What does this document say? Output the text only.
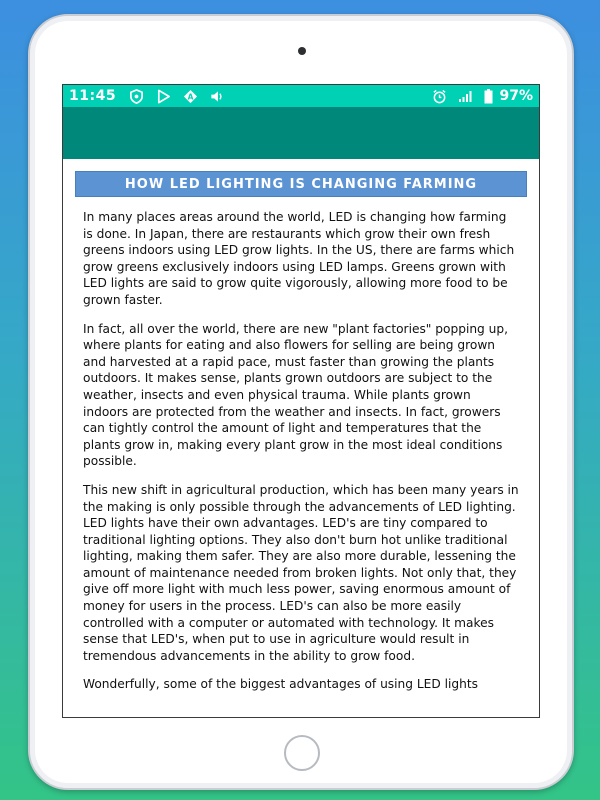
11:45	A	97%
HOW LED LIGHTING IS CHANGING FARMING

In many places areas around the world, LED is changing how farming is done. In Japan, there are restaurants which grow their own fresh greens indoors using LED grow lights. In the US, there are farms which grow greens exclusively indoors using LED lamps. Greens grown with LED lights are said to grow quite vigorously, allowing more food to be grown faster.

In fact, all over the world, there are new "plant factories" popping up, where plants for eating and also flowers for selling are being grown and harvested at a rapid pace, must faster than growing the plants outdoors. It makes sense, plants grown outdoors are subject to the weather, insects and even physical trauma. While plants grown indoors are protected from the weather and insects. In fact, growers can tightly control the amount of light and temperatures that the plants grow in, making every plant grow in the most ideal conditions possible.

This new shift in agricultural production, which has been many years in the making is only possible through the advancements of LED lighting. LED lights have their own advantages. LED's are tiny compared to traditional lighting options. They also don't burn hot unlike traditional lighting, making them safer. They are also more durable, lessening the amount of maintenance needed from broken lights. Not only that, they give off more light with much less power, saving enormous amount of money for users in the process. LED's can also be more easily controlled with a computer or automated with technology. It makes sense that LED's, when put to use in agriculture would result in tremendous advancements in the ability to grow food.

Wonderfully, some of the biggest advantages of using LED lights
